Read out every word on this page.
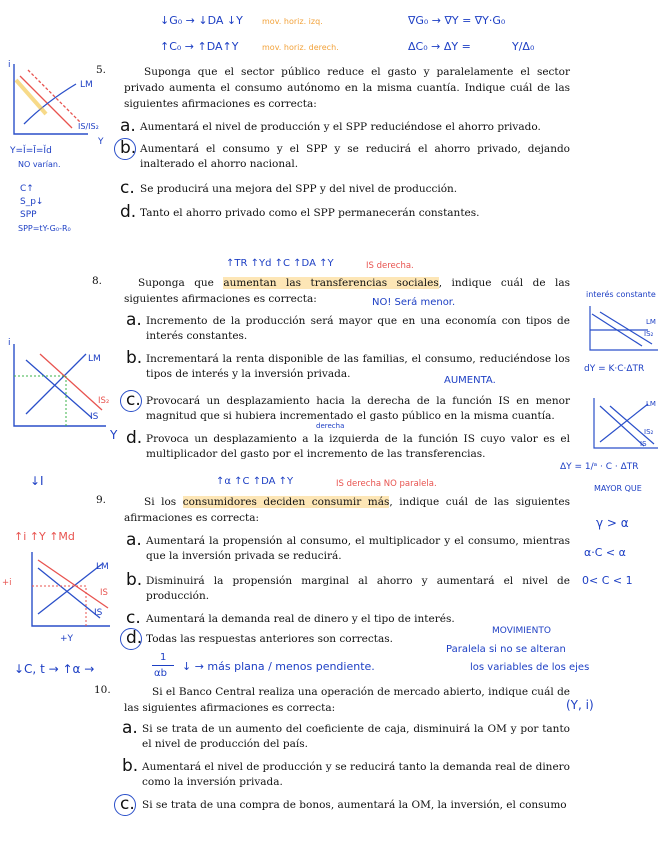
↓G₀ → ↓DA ↓Y mov. horiz. izq.	∇G₀ → ∇Y = ∇Y·G₀
↑C₀ → ↑DA↑Y	mov. horiz. derech.	ΔC₀ → ΔY =	Y/Δ₀
i
LM
IS/IS₂
Y
Y=Ĭ=Ī=Ĭd
NO varían.
C↑
S_p↓
SPP
SPP=tY-G₀-R₀
5.	Suponga que el sector público reduce el gasto y paralelamente el sector privado aumenta el consumo autónomo en la misma cuantía. Indique cuál de las siguientes afirmaciones es correcta:
a. Aumentará el nivel de producción y el SPP reduciéndose el ahorro privado.
b. Aumentará el consumo y el SPP y se reducirá el ahorro privado, dejando inalterado el ahorro nacional.
c. Se producirá una mejora del SPP y del nivel de producción.
d. Tanto el ahorro privado como el SPP permanecerán constantes.
↑TR ↑Yd ↑C ↑DA ↑Y	IS derecha.
8.	Suponga que aumentan las transferencias sociales, indique cuál de las siguientes afirmaciones es correcta:	NO! Será menor.
a. Incremento de la producción será mayor que en una economía con tipos de interés constantes.
b. Incrementará la renta disponible de las familias, el consumo, reduciéndose los tipos de interés y la inversión privada.
AUMENTA.
c. Provocará un desplazamiento hacia la derecha de la función IS en menor magnitud que si hubiera incrementado el gasto público en la misma cuantía.
derecha
d. Provoca un desplazamiento a la izquierda de la función IS cuyo valor es el multiplicador del gasto por el incremento de las transferencias.
i
LM
IS₂
IS
Y
interés constante
LM
IS₂
dY = K·C·ΔTR
LM
IS₂
IS
ΔY = 1/ᵃ · C · ΔTR
MAYOR QUE
γ > α
α·C < α
0< C < 1
↑α ↑C ↑DA ↑Y	IS derecha NO paralela.
9.	Si los consumidores deciden consumir más, indique cuál de las siguientes afirmaciones es correcta:
a. Aumentará la propensión al consumo, el multiplicador y el consumo, mientras que la inversión privada se reducirá.
b. Disminuirá la propensión marginal al ahorro y aumentará el nivel de producción.
c. Aumentará la demanda real de dinero y el tipo de interés.
d. Todas las respuestas anteriores son correctas.
↓I
↑i ↑Y ↑Md
LM
IS
IS
+i
+Y
↓C, t → ↑α →
1
αb
↓ → más plana / menos pendiente.
MOVIMIENTO
Paralela si no se alteran
los variables de los ejes
(Y, i)
10.	Si el Banco Central realiza una operación de mercado abierto, indique cuál de las siguientes afirmaciones es correcta:
a. Si se trata de un aumento del coeficiente de caja, disminuirá la OM y por tanto el nivel de producción del país.
b. Aumentará el nivel de producción y se reducirá tanto la demanda real de dinero como la inversión privada.
c. Si se trata de una compra de bonos, aumentará la OM, la inversión, el consumo
